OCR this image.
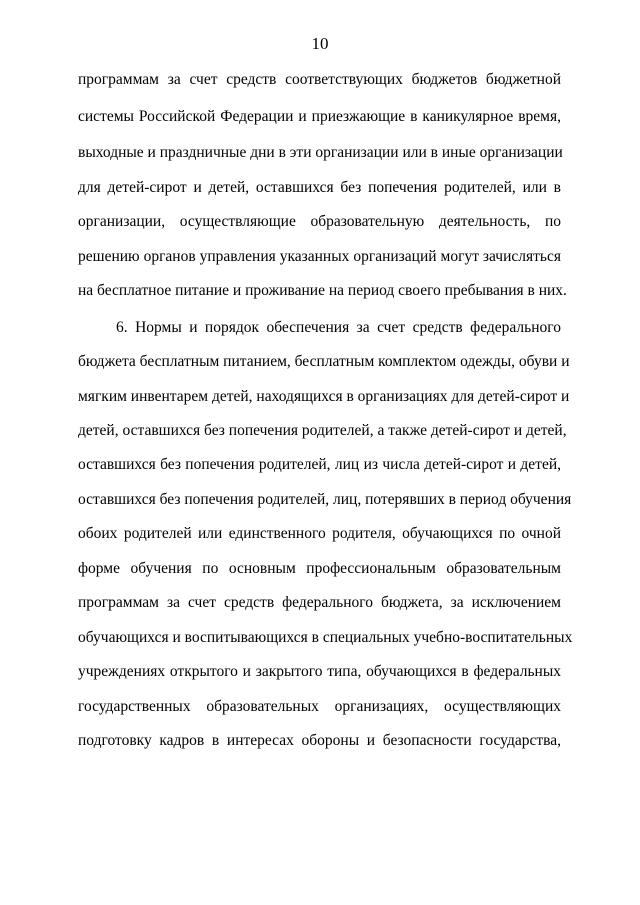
10
программам за счет средств соответствующих бюджетов бюджетной
системы Российской Федерации и приезжающие в каникулярное время,
выходные и праздничные дни в эти организации или в иные организации
для детей-сирот и детей, оставшихся без попечения родителей, или в
организации, осуществляющие образовательную деятельность, по
решению органов управления указанных организаций могут зачисляться
на бесплатное питание и проживание на период своего пребывания в них.
6. Нормы и порядок обеспечения за счет средств федерального
бюджета бесплатным питанием, бесплатным комплектом одежды, обуви и
мягким инвентарем детей, находящихся в организациях для детей-сирот и
детей, оставшихся без попечения родителей, а также детей-сирот и детей,
оставшихся без попечения родителей, лиц из числа детей-сирот и детей,
оставшихся без попечения родителей, лиц, потерявших в период обучения
обоих родителей или единственного родителя, обучающихся по очной
форме обучения по основным профессиональным образовательным
программам за счет средств федерального бюджета, за исключением
обучающихся и воспитывающихся в специальных учебно-воспитательных
учреждениях открытого и закрытого типа, обучающихся в федеральных
государственных образовательных организациях, осуществляющих
подготовку кадров в интересах обороны и безопасности государства,
